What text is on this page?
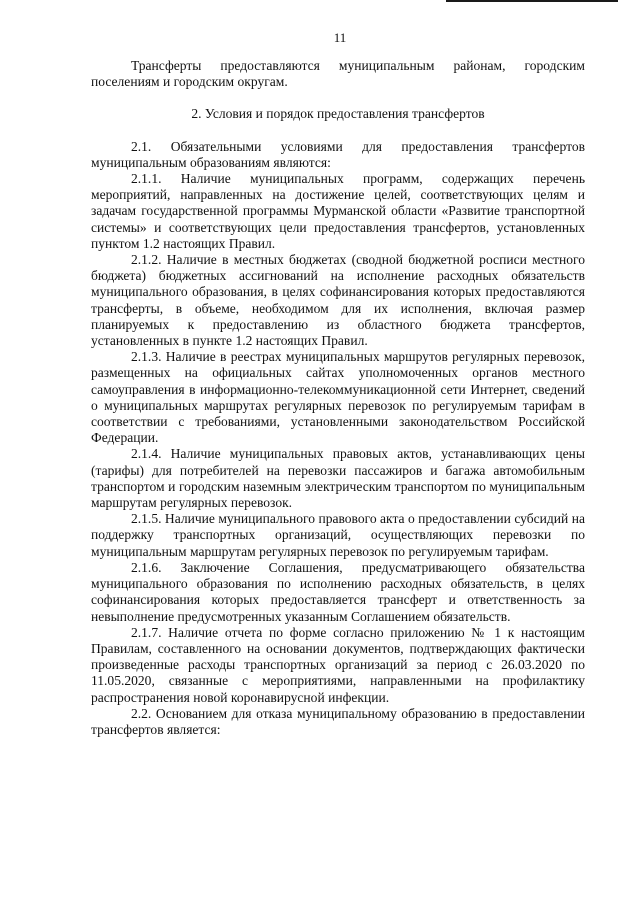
11

Трансферты предоставляются муниципальным районам, городским поселениям и городским округам.

2. Условия и порядок предоставления трансфертов

2.1. Обязательными условиями для предоставления трансфертов муниципальным образованиям являются:

2.1.1. Наличие муниципальных программ, содержащих перечень мероприятий, направленных на достижение целей, соответствующих целям и задачам государственной программы Мурманской области «Развитие транспортной системы» и соответствующих цели предоставления трансфертов, установленных пунктом 1.2 настоящих Правил.

2.1.2. Наличие в местных бюджетах (сводной бюджетной росписи местного бюджета) бюджетных ассигнований на исполнение расходных обязательств муниципального образования, в целях софинансирования которых предоставляются трансферты, в объеме, необходимом для их исполнения, включая размер планируемых к предоставлению из областного бюджета трансфертов, установленных в пункте 1.2 настоящих Правил.

2.1.3. Наличие в реестрах муниципальных маршрутов регулярных перевозок, размещенных на официальных сайтах уполномоченных органов местного самоуправления в информационно-телекоммуникационной сети Интернет, сведений о муниципальных маршрутах регулярных перевозок по регулируемым тарифам в соответствии с требованиями, установленными законодательством Российской Федерации.

2.1.4. Наличие муниципальных правовых актов, устанавливающих цены (тарифы) для потребителей на перевозки пассажиров и багажа автомобильным транспортом и городским наземным электрическим транспортом по муниципальным маршрутам регулярных перевозок.

2.1.5. Наличие муниципального правового акта о предоставлении субсидий на поддержку транспортных организаций, осуществляющих перевозки по муниципальным маршрутам регулярных перевозок по регулируемым тарифам.

2.1.6. Заключение Соглашения, предусматривающего обязательства муниципального образования по исполнению расходных обязательств, в целях софинансирования которых предоставляется трансферт и ответственность за невыполнение предусмотренных указанным Соглашением обязательств.

2.1.7. Наличие отчета по форме согласно приложению № 1 к настоящим Правилам, составленного на основании документов, подтверждающих фактически произведенные расходы транспортных организаций за период с 26.03.2020 по 11.05.2020, связанные с мероприятиями, направленными на профилактику распространения новой коронавирусной инфекции.

2.2. Основанием для отказа муниципальному образованию в предоставлении трансфертов является:
